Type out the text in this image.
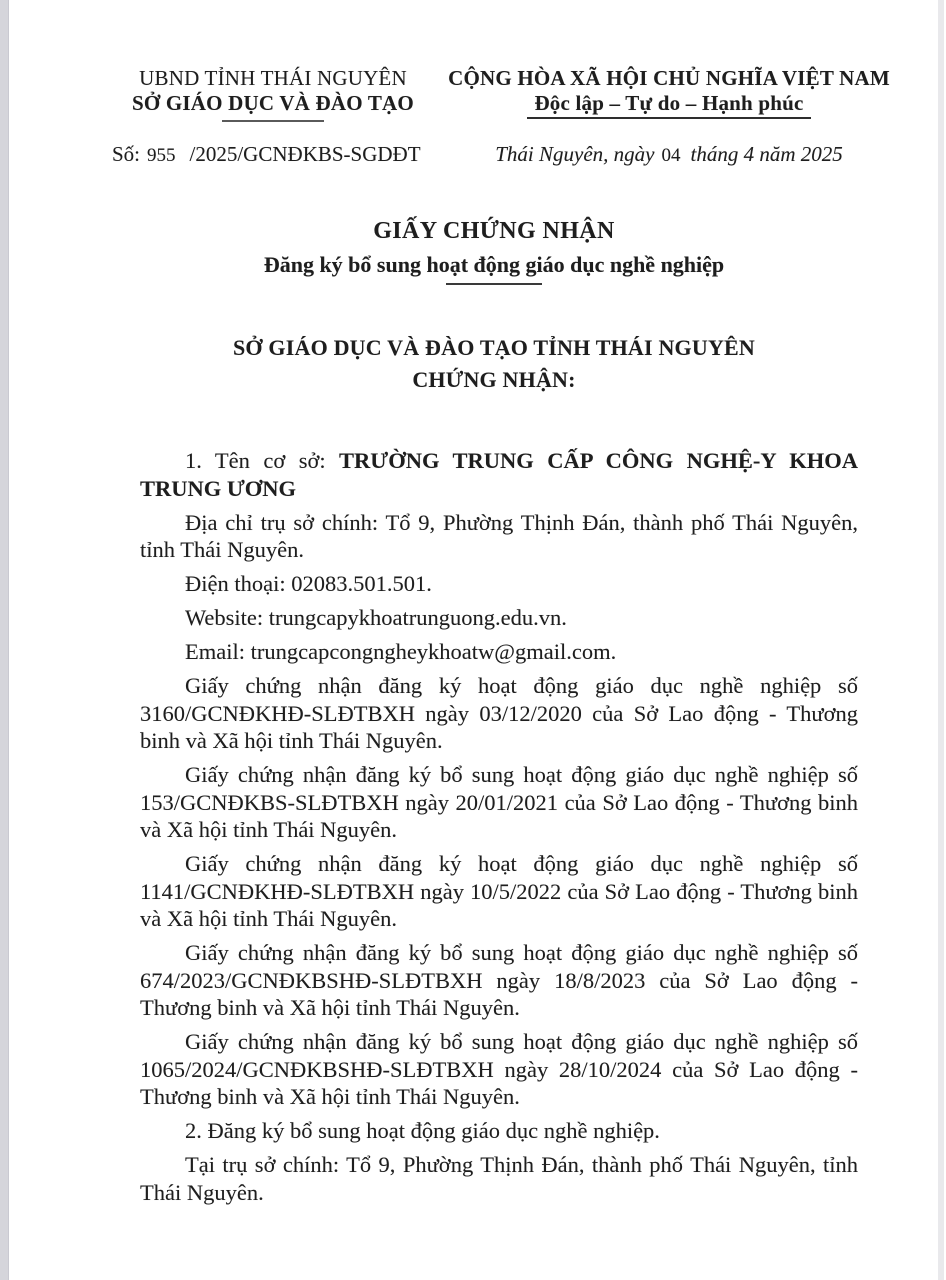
UBND TỈNH THÁI NGUYÊN
SỞ GIÁO DỤC VÀ ĐÀO TẠO
CỘNG HÒA XÃ HỘI CHỦ NGHĨA VIỆT NAM
Độc lập – Tự do – Hạnh phúc
Số: 955 /2025/GCNĐKBS-SGDĐT	Thái Nguyên, ngày 04 tháng 4 năm 2025
GIẤY CHỨNG NHẬN
Đăng ký bổ sung hoạt động giáo dục nghề nghiệp
SỞ GIÁO DỤC VÀ ĐÀO TẠO TỈNH THÁI NGUYÊN
CHỨNG NHẬN:

1. Tên cơ sở: TRƯỜNG TRUNG CẤP CÔNG NGHỆ-Y KHOA TRUNG ƯƠNG

Địa chỉ trụ sở chính: Tổ 9, Phường Thịnh Đán, thành phố Thái Nguyên, tỉnh Thái Nguyên.

Điện thoại: 02083.501.501.

Website: trungcapykhoatrunguong.edu.vn.

Email: trungcapcongngheykhoatw@gmail.com.

Giấy chứng nhận đăng ký hoạt động giáo dục nghề nghiệp số 3160/GCNĐKHĐ-SLĐTBXH ngày 03/12/2020 của Sở Lao động - Thương binh và Xã hội tỉnh Thái Nguyên.

Giấy chứng nhận đăng ký bổ sung hoạt động giáo dục nghề nghiệp số 153/GCNĐKBS-SLĐTBXH ngày 20/01/2021 của Sở Lao động - Thương binh và Xã hội tỉnh Thái Nguyên.

Giấy chứng nhận đăng ký hoạt động giáo dục nghề nghiệp số 1141/GCNĐKHĐ-SLĐTBXH ngày 10/5/2022 của Sở Lao động - Thương binh và Xã hội tỉnh Thái Nguyên.

Giấy chứng nhận đăng ký bổ sung hoạt động giáo dục nghề nghiệp số 674/2023/GCNĐKBSHĐ-SLĐTBXH ngày 18/8/2023 của Sở Lao động - Thương binh và Xã hội tỉnh Thái Nguyên.

Giấy chứng nhận đăng ký bổ sung hoạt động giáo dục nghề nghiệp số 1065/2024/GCNĐKBSHĐ-SLĐTBXH ngày 28/10/2024 của Sở Lao động - Thương binh và Xã hội tỉnh Thái Nguyên.

2. Đăng ký bổ sung hoạt động giáo dục nghề nghiệp.

Tại trụ sở chính: Tổ 9, Phường Thịnh Đán, thành phố Thái Nguyên, tỉnh Thái Nguyên.
